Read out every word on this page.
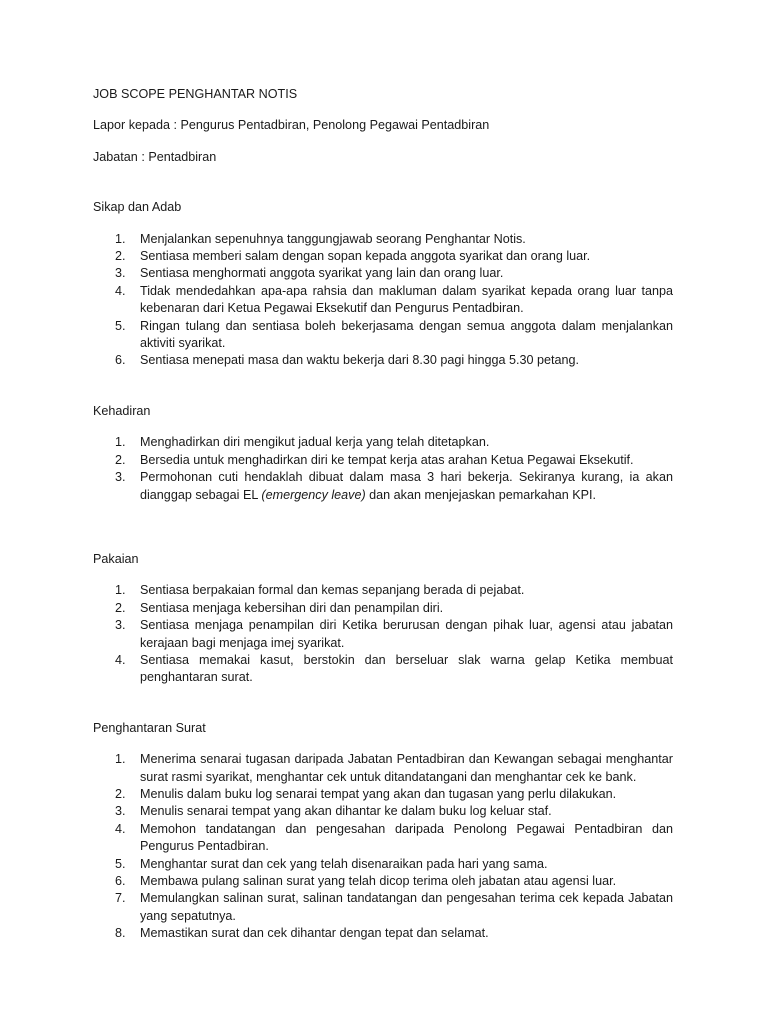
JOB SCOPE PENGHANTAR NOTIS

Lapor kepada : Pengurus Pentadbiran, Penolong Pegawai Pentadbiran

Jabatan : Pentadbiran

Sikap dan Adab

1. Menjalankan sepenuhnya tanggungjawab seorang Penghantar Notis.
2. Sentiasa memberi salam dengan sopan kepada anggota syarikat dan orang luar.
3. Sentiasa menghormati anggota syarikat yang lain dan orang luar.
4. Tidak mendedahkan apa-apa rahsia dan makluman dalam syarikat kepada orang luar tanpa kebenaran dari Ketua Pegawai Eksekutif dan Pengurus Pentadbiran.
5. Ringan tulang dan sentiasa boleh bekerjasama dengan semua anggota dalam menjalankan aktiviti syarikat.
6. Sentiasa menepati masa dan waktu bekerja dari 8.30 pagi hingga 5.30 petang.

Kehadiran

1. Menghadirkan diri mengikut jadual kerja yang telah ditetapkan.
2. Bersedia untuk menghadirkan diri ke tempat kerja atas arahan Ketua Pegawai Eksekutif.
3. Permohonan cuti hendaklah dibuat dalam masa 3 hari bekerja. Sekiranya kurang, ia akan dianggap sebagai EL (emergency leave) dan akan menjejaskan pemarkahan KPI.

Pakaian

1. Sentiasa berpakaian formal dan kemas sepanjang berada di pejabat.
2. Sentiasa menjaga kebersihan diri dan penampilan diri.
3. Sentiasa menjaga penampilan diri Ketika berurusan dengan pihak luar, agensi atau jabatan kerajaan bagi menjaga imej syarikat.
4. Sentiasa memakai kasut, berstokin dan berseluar slak warna gelap Ketika membuat penghantaran surat.

Penghantaran Surat

1. Menerima senarai tugasan daripada Jabatan Pentadbiran dan Kewangan sebagai menghantar surat rasmi syarikat, menghantar cek untuk ditandatangani dan menghantar cek ke bank.
2. Menulis dalam buku log senarai tempat yang akan dan tugasan yang perlu dilakukan.
3. Menulis senarai tempat yang akan dihantar ke dalam buku log keluar staf.
4. Memohon tandatangan dan pengesahan daripada Penolong Pegawai Pentadbiran dan Pengurus Pentadbiran.
5. Menghantar surat dan cek yang telah disenaraikan pada hari yang sama.
6. Membawa pulang salinan surat yang telah dicop terima oleh jabatan atau agensi luar.
7. Memulangkan salinan surat, salinan tandatangan dan pengesahan terima cek kepada Jabatan yang sepatutnya.
8. Memastikan surat dan cek dihantar dengan tepat dan selamat.
